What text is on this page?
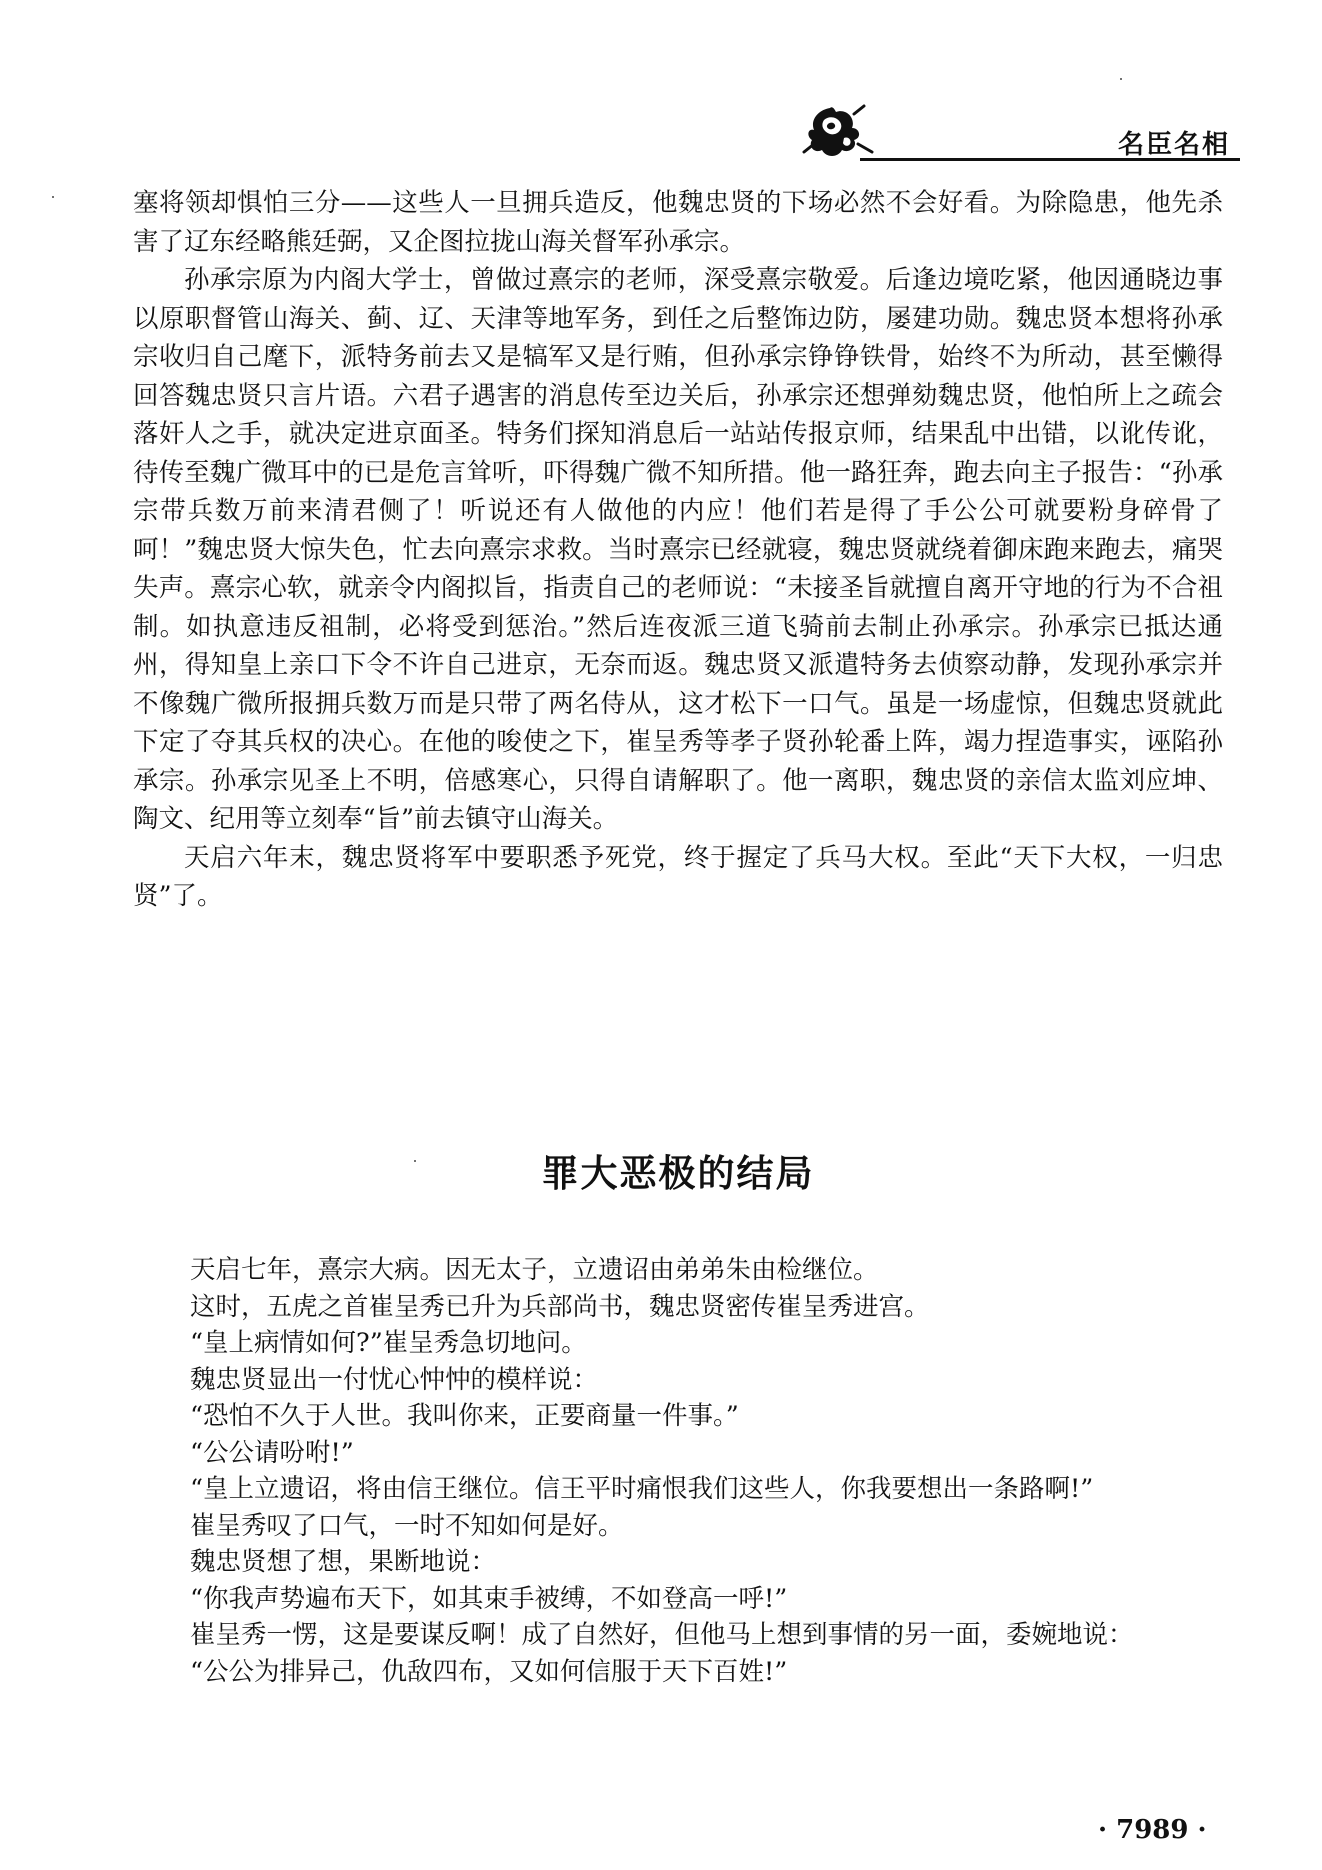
名臣名相

塞将领却惧怕三分——这些人一旦拥兵造反，他魏忠贤的下场必然不会好看。为除隐患，他先杀害了辽东经略熊廷弼，又企图拉拢山海关督军孙承宗。

孙承宗原为内阁大学士，曾做过熹宗的老师，深受熹宗敬爱。后逢边境吃紧，他因通晓边事以原职督管山海关、蓟、辽、天津等地军务，到任之后整饰边防，屡建功勋。魏忠贤本想将孙承宗收归自己麾下，派特务前去又是犒军又是行贿，但孙承宗铮铮铁骨，始终不为所动，甚至懒得回答魏忠贤只言片语。六君子遇害的消息传至边关后，孙承宗还想弹劾魏忠贤，他怕所上之疏会落奸人之手，就决定进京面圣。特务们探知消息后一站站传报京师，结果乱中出错，以讹传讹，待传至魏广微耳中的已是危言耸听，吓得魏广微不知所措。他一路狂奔，跑去向主子报告：“孙承宗带兵数万前来清君侧了！听说还有人做他的内应！他们若是得了手公公可就要粉身碎骨了呵！”魏忠贤大惊失色，忙去向熹宗求救。当时熹宗已经就寝，魏忠贤就绕着御床跑来跑去，痛哭失声。熹宗心软，就亲令内阁拟旨，指责自己的老师说：“未接圣旨就擅自离开守地的行为不合祖制。如执意违反祖制，必将受到惩治。”然后连夜派三道飞骑前去制止孙承宗。孙承宗已抵达通州，得知皇上亲口下令不许自己进京，无奈而返。魏忠贤又派遣特务去侦察动静，发现孙承宗并不像魏广微所报拥兵数万而是只带了两名侍从，这才松下一口气。虽是一场虚惊，但魏忠贤就此下定了夺其兵权的决心。在他的唆使之下，崔呈秀等孝子贤孙轮番上阵，竭力捏造事实，诬陷孙承宗。孙承宗见圣上不明，倍感寒心，只得自请解职了。他一离职，魏忠贤的亲信太监刘应坤、陶文、纪用等立刻奉“旨”前去镇守山海关。

天启六年末，魏忠贤将军中要职悉予死党，终于握定了兵马大权。至此“天下大权，一归忠贤”了。

罪大恶极的结局

天启七年，熹宗大病。因无太子，立遗诏由弟弟朱由检继位。

这时，五虎之首崔呈秀已升为兵部尚书，魏忠贤密传崔呈秀进宫。

“皇上病情如何?”崔呈秀急切地问。

魏忠贤显出一付忧心忡忡的模样说：

“恐怕不久于人世。我叫你来，正要商量一件事。”

“公公请吩咐!”

“皇上立遗诏，将由信王继位。信王平时痛恨我们这些人，你我要想出一条路啊!”

崔呈秀叹了口气，一时不知如何是好。

魏忠贤想了想，果断地说：

“你我声势遍布天下，如其束手被缚，不如登高一呼!”

崔呈秀一愣，这是要谋反啊！成了自然好，但他马上想到事情的另一面，委婉地说：

“公公为排异己，仇敌四布，又如何信服于天下百姓!”

· 7989 ·
